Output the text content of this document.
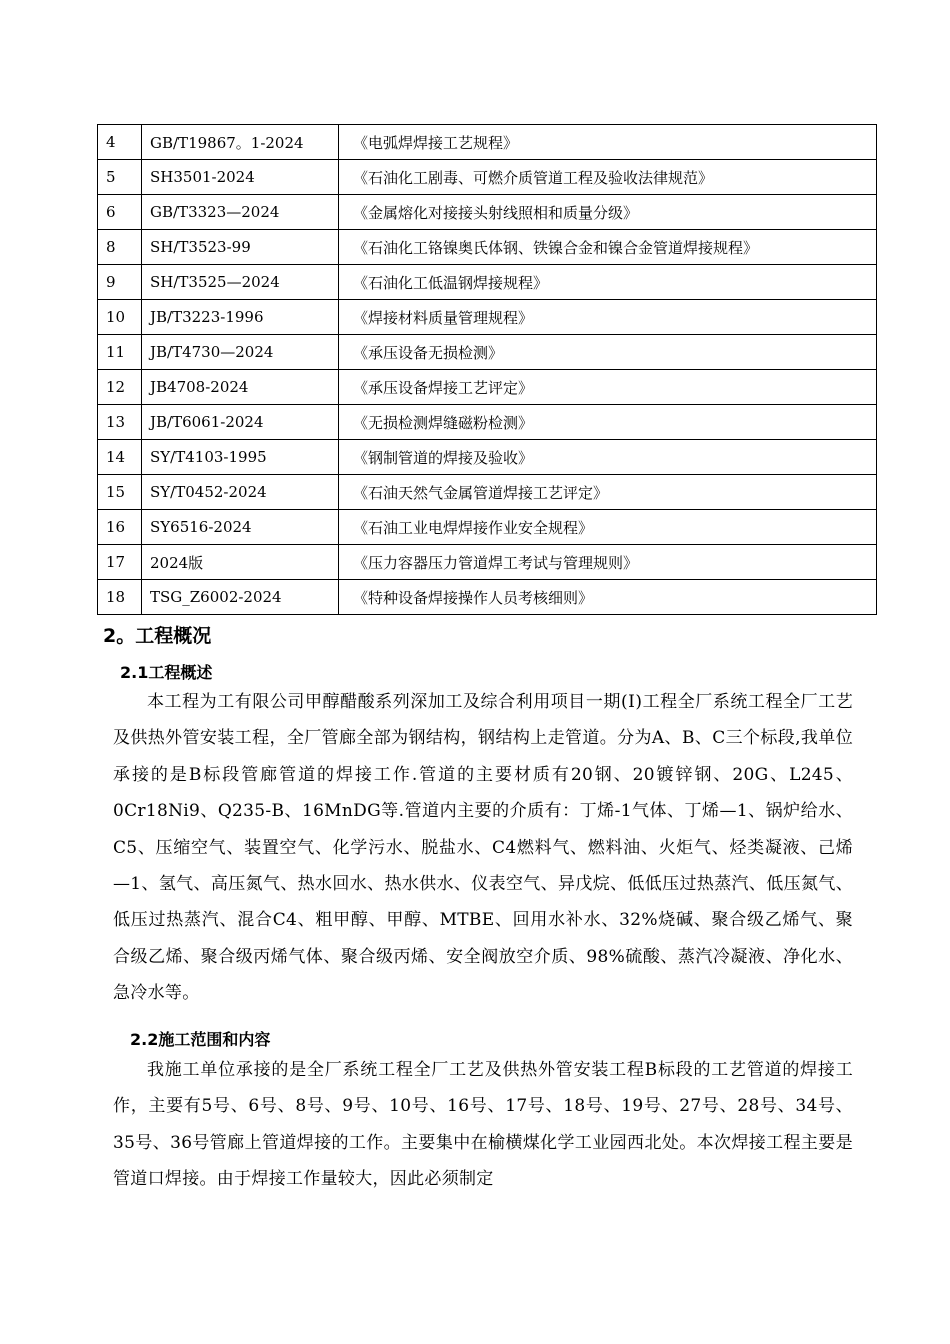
4	GB/T19867。1-2024	《电弧焊焊接工艺规程》
5	SH3501-2024	《石油化工剧毒、可燃介质管道工程及验收法律规范》
6	GB/T3323—2024	《金属熔化对接接头射线照相和质量分级》
8	SH/T3523-99	《石油化工铬镍奥氏体钢、铁镍合金和镍合金管道焊接规程》
9	SH/T3525—2024	《石油化工低温钢焊接规程》
10	JB/T3223-1996	《焊接材料质量管理规程》
11	JB/T4730—2024	《承压设备无损检测》
12	JB4708-2024	《承压设备焊接工艺评定》
13	JB/T6061-2024	《无损检测焊缝磁粉检测》
14	SY/T4103-1995	《钢制管道的焊接及验收》
15	SY/T0452-2024	《石油天然气金属管道焊接工艺评定》
16	SY6516-2024	《石油工业电焊焊接作业安全规程》
17	2024版	《压力容器压力管道焊工考试与管理规则》
18	TSG_Z6002-2024	《特种设备焊接操作人员考核细则》
2。工程概况
2.1工程概述
本工程为工有限公司甲醇醋酸系列深加工及综合利用项目一期(Ⅰ)工程全厂系统工程全厂工艺及供热外管安装工程，全厂管廊全部为钢结构，钢结构上走管道。分为A、B、C三个标段,我单位承接的是B标段管廊管道的焊接工作.管道的主要材质有20钢、20镀锌钢、20G、L245、0Cr18Ni9、Q235-B、16MnDG等.管道内主要的介质有：丁烯-1气体、丁烯—1、锅炉给水、C5、压缩空气、装置空气、化学污水、脱盐水、C4燃料气、燃料油、火炬气、烃类凝液、己烯—1、氢气、高压氮气、热水回水、热水供水、仪表空气、异戊烷、低低压过热蒸汽、低压氮气、低压过热蒸汽、混合C4、粗甲醇、甲醇、MTBE、回用水补水、32%烧碱、聚合级乙烯气、聚合级乙烯、聚合级丙烯气体、聚合级丙烯、安全阀放空介质、98%硫酸、蒸汽冷凝液、净化水、急冷水等。
2.2施工范围和内容
我施工单位承接的是全厂系统工程全厂工艺及供热外管安装工程B标段的工艺管道的焊接工作，主要有5号、6号、8号、9号、10号、16号、17号、18号、19号、27号、28号、34号、35号、36号管廊上管道焊接的工作。主要集中在榆横煤化学工业园西北处。本次焊接工程主要是管道口焊接。由于焊接工作量较大，因此必须制定
